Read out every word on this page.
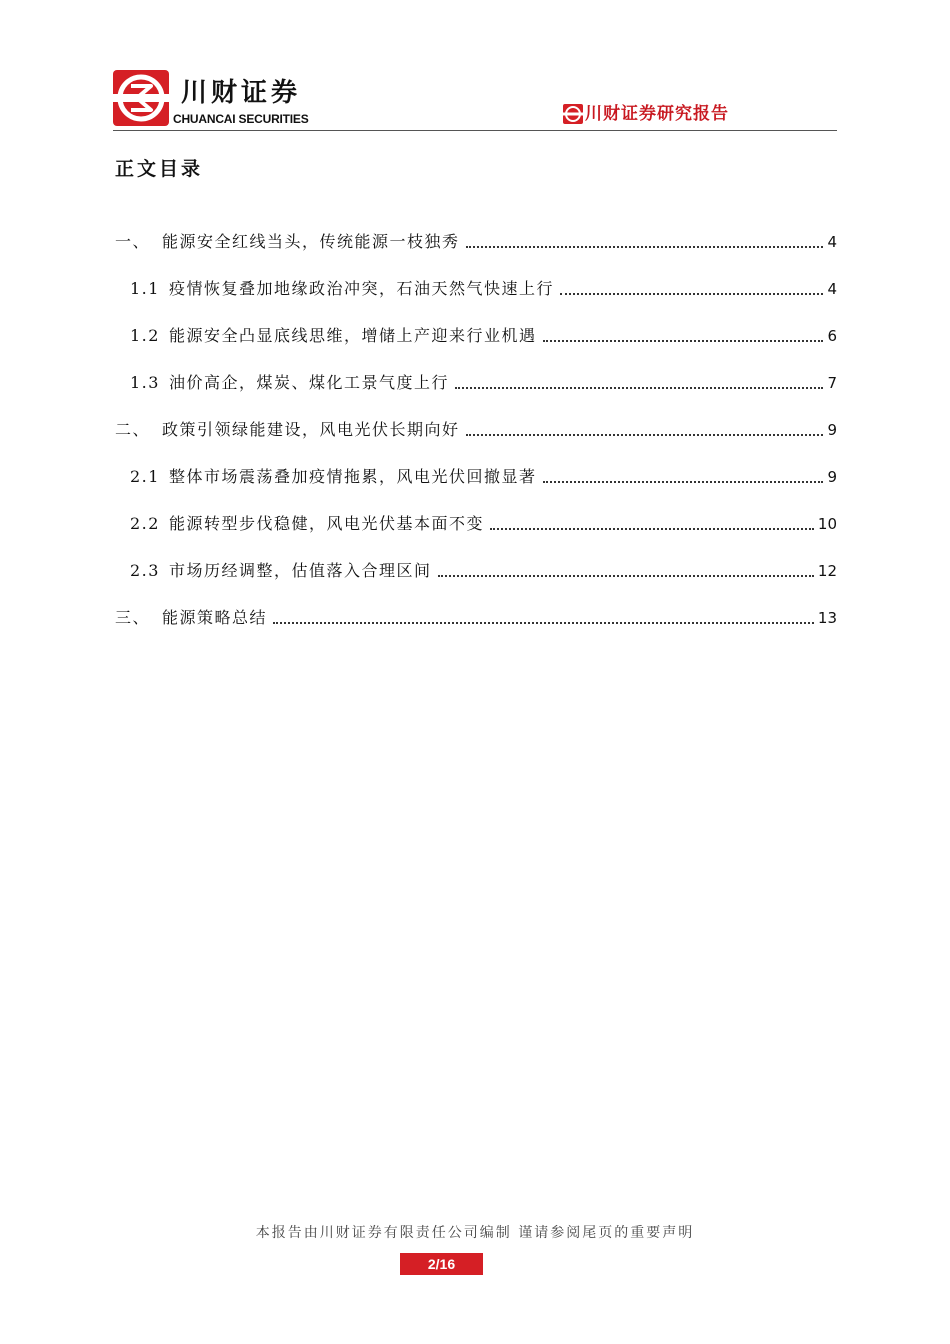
川财证券
CHUANCAI SECURITIES	川财证券研究报告
正文目录
一、 能源安全红线当头，传统能源一枝独秀	4
1.1 疫情恢复叠加地缘政治冲突，石油天然气快速上行	4
1.2 能源安全凸显底线思维，增储上产迎来行业机遇	6
1.3 油价高企，煤炭、煤化工景气度上行	7
二、 政策引领绿能建设，风电光伏长期向好	9
2.1 整体市场震荡叠加疫情拖累，风电光伏回撤显著	9
2.2 能源转型步伐稳健，风电光伏基本面不变	10
2.3 市场历经调整，估值落入合理区间	12
三、 能源策略总结	13
本报告由川财证券有限责任公司编制 谨请参阅尾页的重要声明
2/16
